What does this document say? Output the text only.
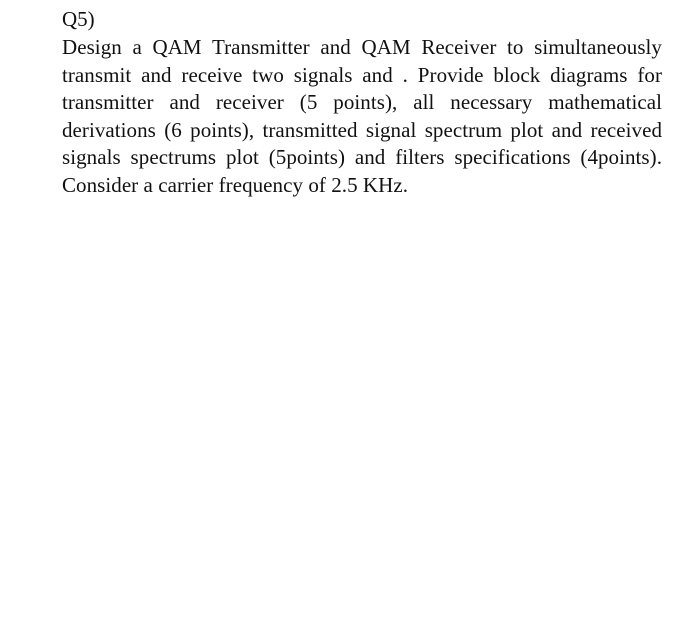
Q5)

Design a QAM Transmitter and QAM Receiver to simultaneously transmit and receive two signals and . Provide block diagrams for transmitter and receiver (5 points), all necessary mathematical derivations (6 points), transmitted signal spectrum plot and received signals spectrums plot (5points) and filters specifications (4points). Consider a carrier frequency of 2.5 KHz.
